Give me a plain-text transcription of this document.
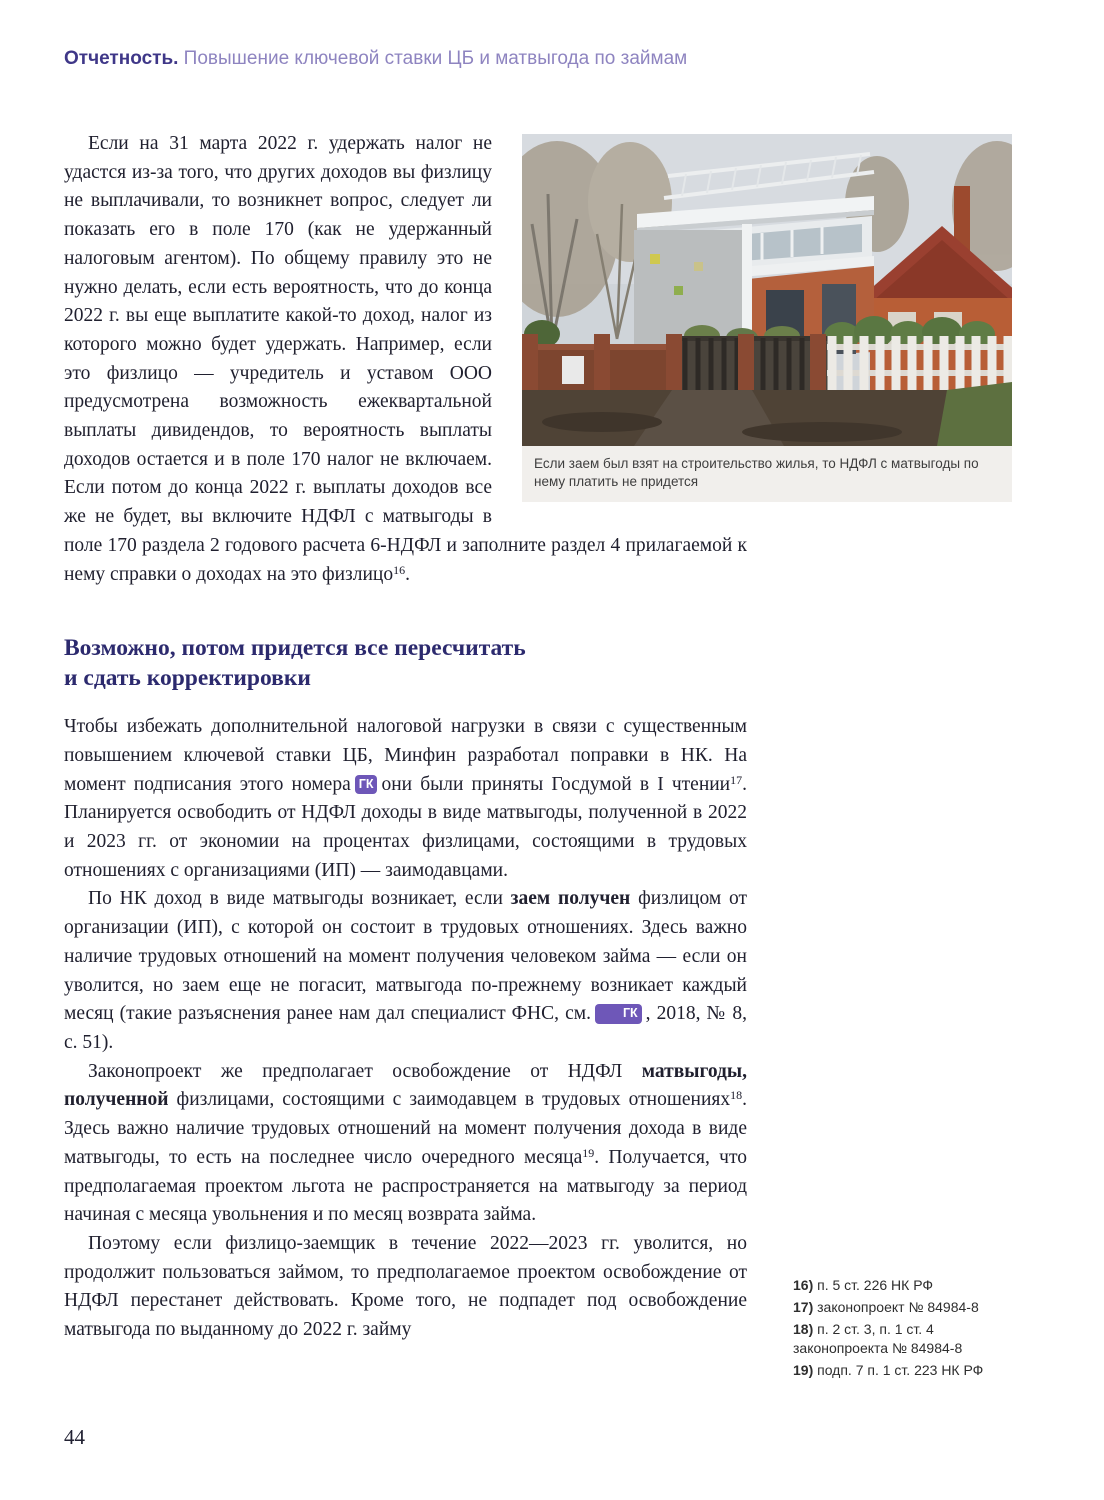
Отчетность. Повышение ключевой ставки ЦБ и матвыгода по займам
Если заем был взят на строительство жилья, то НДФЛ с матвыгоды по нему платить не придется

Если на 31 марта 2022 г. удержать налог не удастся из-за того, что других доходов вы физлицу не выплачивали, то возникнет вопрос, следует ли показать его в поле 170 (как не удержанный налоговым агентом). По общему правилу это не нужно делать, если есть вероятность, что до конца 2022 г. вы еще выплатите какой-то доход, налог из которого можно будет удержать. Например, если это физлицо — учредитель и уставом ООО предусмотрена возможность ежеквартальной выплаты дивидендов, то вероятность выплаты доходов остается и в поле 170 налог не включаем. Если потом до конца 2022 г. выплаты доходов все же не будет, вы включите НДФЛ с матвыгоды в поле 170 раздела 2 годового расчета 6-НДФЛ и заполните раздел 4 прилагаемой к нему справки о доходах на это физлицо$^{16}$.

Возможно, потом придется все пересчитать
и сдать корректировки

Чтобы избежать дополнительной налоговой нагрузки в связи с существенным повышением ключевой ставки ЦБ, Минфин разработал поправки в НК. На момент подписания этого номера ГК они были приняты Госдумой в I чтении$^{17}$. Планируется освободить от НДФЛ доходы в виде матвыгоды, полученной в 2022 и 2023 гг. от экономии на процентах физлицами, состоящими в трудовых отношениях с организациями (ИП) — заимодавцами.

По НК доход в виде матвыгоды возникает, если заем получен физлицом от организации (ИП), с которой он состоит в трудовых отношениях. Здесь важно наличие трудовых отношений на момент получения человеком займа — если он уволится, но заем еще не погасит, матвыгода по-прежнему возникает каждый месяц (такие разъяснения ранее нам дал специалист ФНС, см.	ГК , 2018, № 8, с. 51).

Законопроект же предполагает освобождение от НДФЛ матвыгоды, полученной физлицами, состоящими с заимодавцем в трудовых отношениях$^{18}$. Здесь важно наличие трудовых отношений на момент получения дохода в виде матвыгоды, то есть на последнее число очередного месяца$^{19}$. Получается, что предполагаемая проектом льгота не распространяется на матвыгоду за период начиная с месяца увольнения и по месяц возврата займа.

Поэтому если физлицо-заемщик в течение 2022—2023 гг. уволится, но продолжит пользоваться займом, то предполагаемое проектом освобождение от НДФЛ перестанет действовать. Кроме того, не подпадет под освобождение матвыгода по выданному до 2022 г. займу

16) п. 5 ст. 226 НК РФ
17) законопроект № 84984-8
18) п. 2 ст. 3, п. 1 ст. 4 законопроекта № 84984-8
19) подп. 7 п. 1 ст. 223 НК РФ
44
